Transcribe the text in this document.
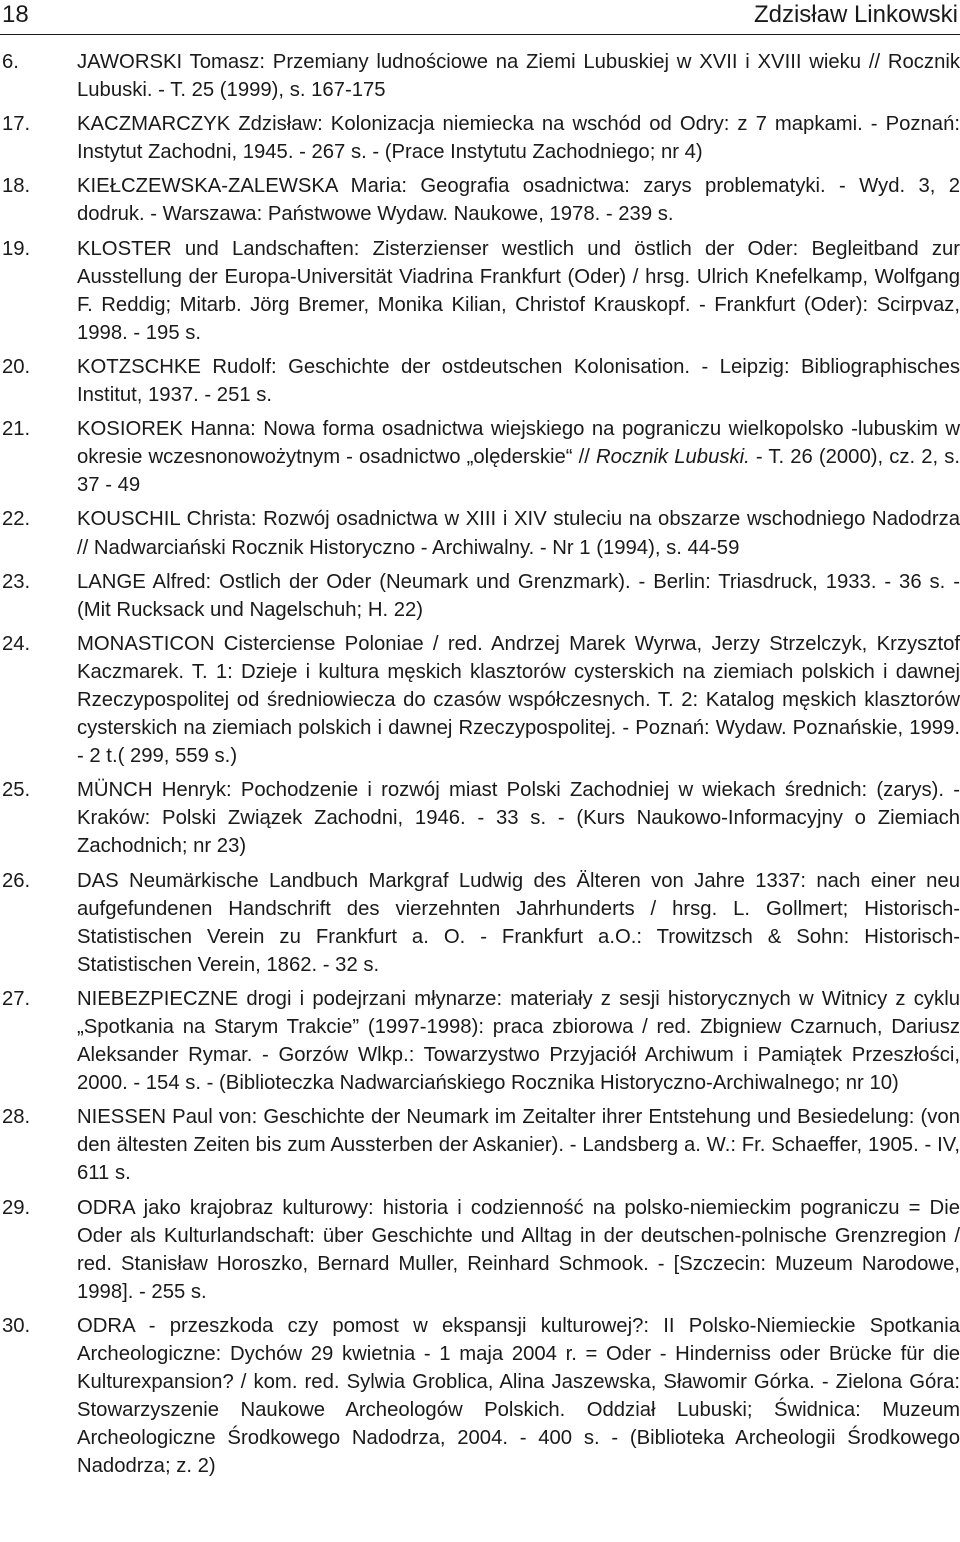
18	Zdzisław Linkowski
6.	JAWORSKI Tomasz: Przemiany ludnościowe na Ziemi Lubuskiej w XVII i XVIII wieku // Rocznik Lubuski. - T. 25 (1999), s. 167-175
17. KACZMARCZYK Zdzisław: Kolonizacja niemiecka na wschód od Odry: z 7 mapkami. - Poznań: Instytut Zachodni, 1945. - 267 s. - (Prace Instytutu Zachodniego; nr 4)
18. KIEŁCZEWSKA-ZALEWSKA Maria: Geografia osadnictwa: zarys problematyki. - Wyd. 3, 2 dodruk. - Warszawa: Państwowe Wydaw. Naukowe, 1978. - 239 s.
19. KLOSTER und Landschaften: Zisterzienser westlich und östlich der Oder: Begleitband zur Ausstellung der Europa-Universität Viadrina Frankfurt (Oder) / hrsg. Ulrich Knefelkamp, Wolfgang F. Reddig; Mitarb. Jörg Bremer, Monika Kilian, Christof Krauskopf. - Frankfurt (Oder): Scirpvaz, 1998. - 195 s.
20. KOTZSCHKE Rudolf: Geschichte der ostdeutschen Kolonisation. - Leipzig: Bibliographisches Institut, 1937. - 251 s.
21. KOSIOREK Hanna: Nowa forma osadnictwa wiejskiego na pograniczu wielkopolsko -lubuskim w okresie wczesnonowożytnym - osadnictwo „olęderskie“ // Rocznik Lubuski. - T. 26 (2000), cz. 2, s. 37 - 49
22. KOUSCHIL Christa: Rozwój osadnictwa w XIII i XIV stuleciu na obszarze wschodniego Nadodrza // Nadwarciański Rocznik Historyczno - Archiwalny. - Nr 1 (1994), s. 44-59
23. LANGE Alfred: Ostlich der Oder (Neumark und Grenzmark). - Berlin: Triasdruck, 1933. - 36 s. - (Mit Rucksack und Nagelschuh; H. 22)
24. MONASTICON Cisterciense Poloniae / red. Andrzej Marek Wyrwa, Jerzy Strzelczyk, Krzysztof Kaczmarek. T. 1: Dzieje i kultura męskich klasztorów cysterskich na ziemiach polskich i dawnej Rzeczypospolitej od średniowiecza do czasów współczesnych. T. 2: Katalog męskich klasztorów cysterskich na ziemiach polskich i dawnej Rzeczypospolitej. - Poznań: Wydaw. Poznańskie, 1999. - 2 t.( 299, 559 s.)
25. MÜNCH Henryk: Pochodzenie i rozwój miast Polski Zachodniej w wiekach średnich: (zarys). - Kraków: Polski Związek Zachodni, 1946. - 33 s. - (Kurs Naukowo-Informacyjny o Ziemiach Zachodnich; nr 23)
26. DAS Neumärkische Landbuch Markgraf Ludwig des Älteren von Jahre 1337: nach einer neu aufgefundenen Handschrift des vierzehnten Jahrhunderts / hrsg. L. Gollmert; Historisch-Statistischen Verein zu Frankfurt a. O. - Frankfurt a.O.: Trowitzsch & Sohn: Historisch-Statistischen Verein, 1862. - 32 s.
27. NIEBEZPIECZNE drogi i podejrzani młynarze: materiały z sesji historycznych w Witnicy z cyklu „Spotkania na Starym Trakcie” (1997-1998): praca zbiorowa / red. Zbigniew Czarnuch, Dariusz Aleksander Rymar. - Gorzów Wlkp.: Towarzystwo Przyjaciół Archiwum i Pamiątek Przeszłości, 2000. - 154 s. - (Biblioteczka Nadwarciańskiego Rocznika Historyczno-Archiwalnego; nr 10)
28. NIESSEN Paul von: Geschichte der Neumark im Zeitalter ihrer Entstehung und Besiedelung: (von den ältesten Zeiten bis zum Aussterben der Askanier). - Landsberg a. W.: Fr. Schaeffer, 1905. - IV, 611 s.
29. ODRA jako krajobraz kulturowy: historia i codzienność na polsko-niemieckim pograniczu = Die Oder als Kulturlandschaft: über Geschichte und Alltag in der deutschen-polnische Grenzregion / red. Stanisław Horoszko, Bernard Muller, Reinhard Schmook. - [Szczecin: Muzeum Narodowe, 1998]. - 255 s.
30. ODRA - przeszkoda czy pomost w ekspansji kulturowej?: II Polsko-Niemieckie Spotkania Archeologiczne: Dychów 29 kwietnia - 1 maja 2004 r. = Oder - Hinderniss oder Brücke für die Kulturexpansion? / kom. red. Sylwia Groblica, Alina Jaszewska, Sławomir Górka. - Zielona Góra: Stowarzyszenie Naukowe Archeologów Polskich. Oddział Lubuski; Świdnica: Muzeum Archeologiczne Środkowego Nadodrza, 2004. - 400 s. - (Biblioteka Archeologii Środkowego Nadodrza; z. 2)
